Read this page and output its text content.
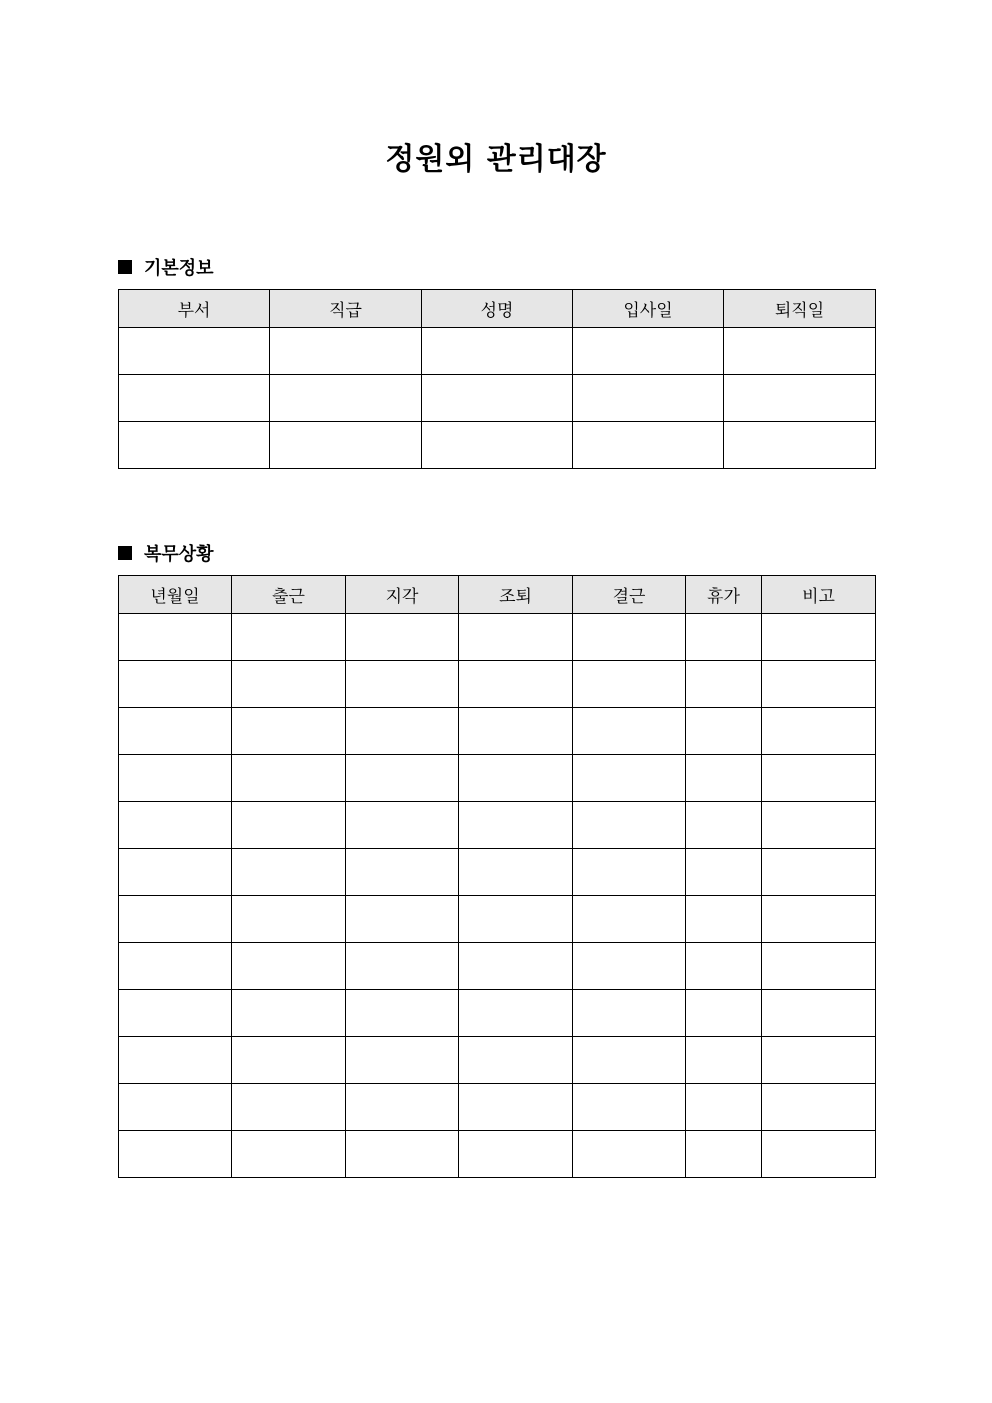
정원외 관리대장
기본정보
부서	직급	성명	입사일	퇴직일

복무상황
년월일	출근	지각	조퇴	결근	휴가	비고
